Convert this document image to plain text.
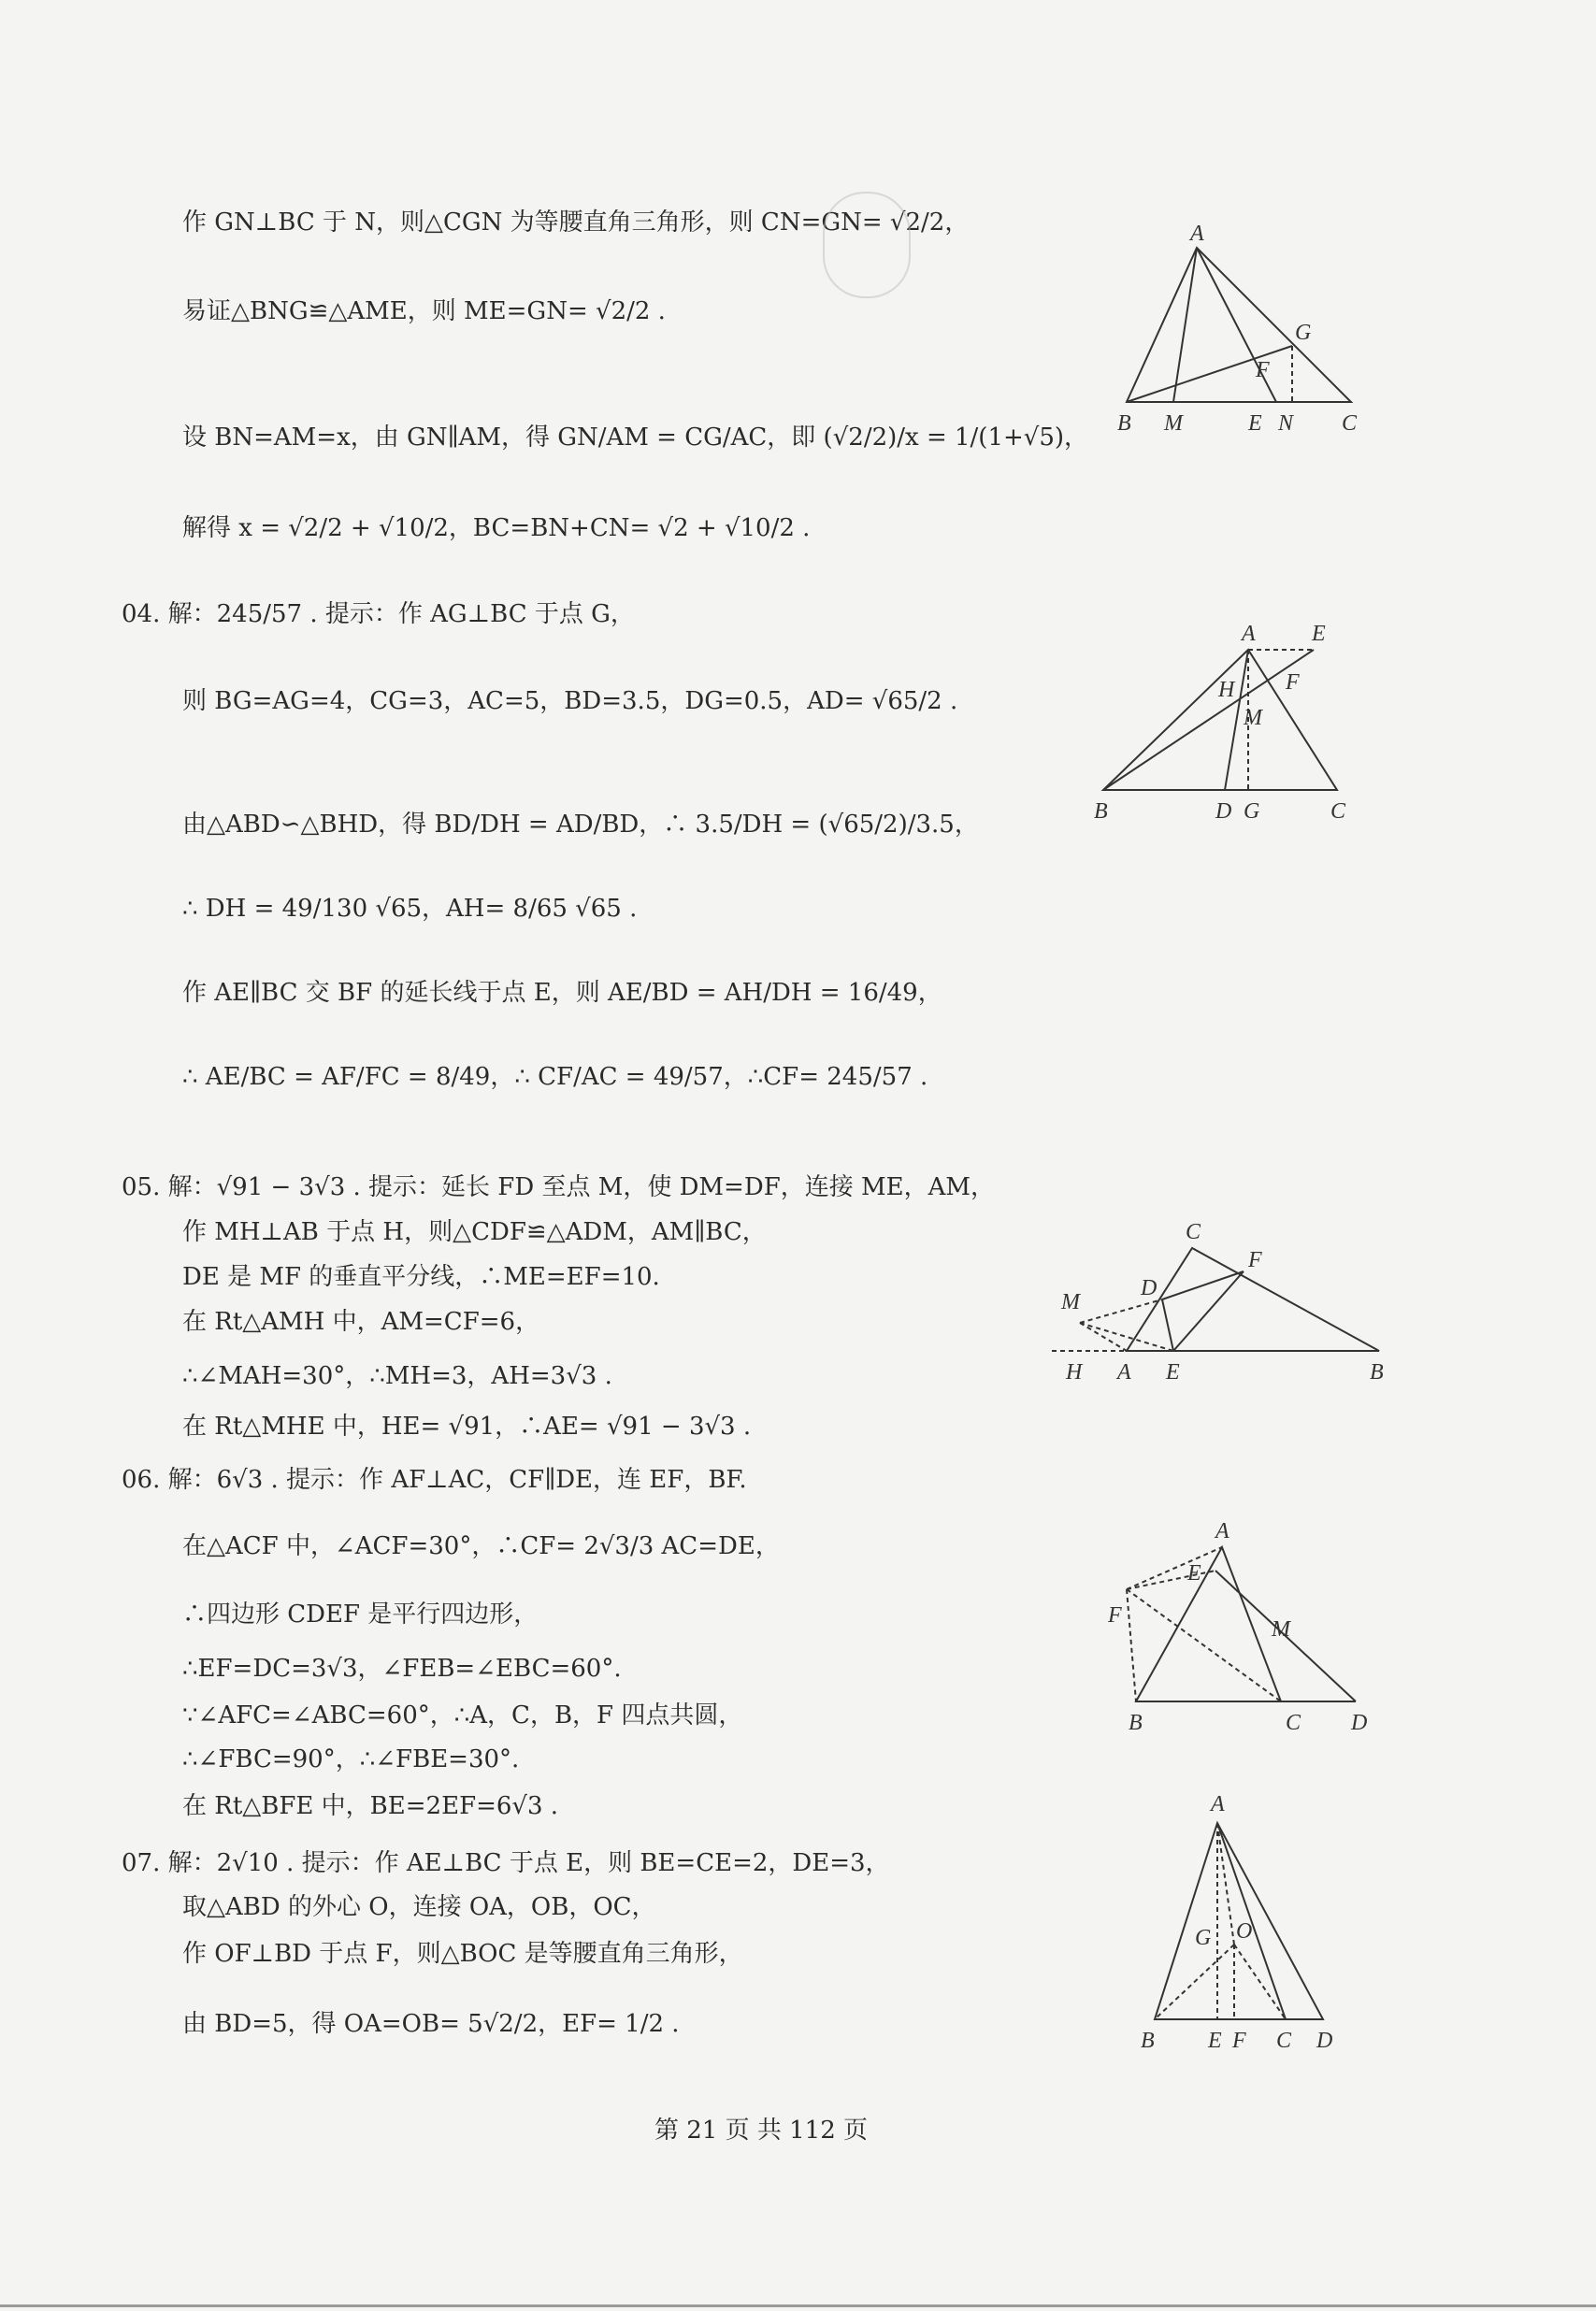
作 GN⊥BC 于 N，则△CGN 为等腰直角三角形，则 CN=GN= √2/2，
易证△BNG≌△AME，则 ME=GN= √2/2 .
设 BN=AM=x，由 GN∥AM，得 GN/AM = CG/AC，即 (√2/2)/x = 1/(1+√5)，
解得 x = √2/2 + √10/2，BC=BN+CN= √2 + √10/2 .
04. 解：245/57 . 提示：作 AG⊥BC 于点 G，
则 BG=AG=4，CG=3，AC=5，BD=3.5，DG=0.5，AD= √65/2 .
由△ABD∽△BHD，得 BD/DH = AD/BD，∴ 3.5/DH = (√65/2)/3.5，
∴ DH = 49/130 √65，AH= 8/65 √65 .
作 AE∥BC 交 BF 的延长线于点 E，则 AE/BD = AH/DH = 16/49，
∴ AE/BC = AF/FC = 8/49，∴ CF/AC = 49/57，∴CF= 245/57 .
05. 解：√91 − 3√3 . 提示：延长 FD 至点 M，使 DM=DF，连接 ME，AM，
作 MH⊥AB 于点 H，则△CDF≌△ADM，AM∥BC，
DE 是 MF 的垂直平分线，∴ME=EF=10.
在 Rt△AMH 中，AM=CF=6，
∴∠MAH=30°，∴MH=3，AH=3√3 .
在 Rt△MHE 中，HE= √91，∴AE= √91 − 3√3 .
06. 解：6√3 . 提示：作 AF⊥AC，CF∥DE，连 EF，BF.
在△ACF 中，∠ACF=30°，∴CF= 2√3/3 AC=DE，
∴四边形 CDEF 是平行四边形，
∴EF=DC=3√3，∠FEB=∠EBC=60°.
∵∠AFC=∠ABC=60°，∴A，C，B，F 四点共圆，
∴∠FBC=90°，∴∠FBE=30°.
在 Rt△BFE 中，BE=2EF=6√3 .
07. 解：2√10 . 提示：作 AE⊥BC 于点 E，则 BE=CE=2，DE=3，
取△ABD 的外心 O，连接 OA，OB，OC，
作 OF⊥BD 于点 F，则△BOC 是等腰直角三角形，
由 BD=5，得 OA=OB= 5√2/2，EF= 1/2 .
A
G
F
B M	E N C
A	E
H F
M
B	D G	C
C
F
D
M
H A E	B
A
E
F
M
B	C D
A
G O
B E F C D
第 21 页 共 112 页
